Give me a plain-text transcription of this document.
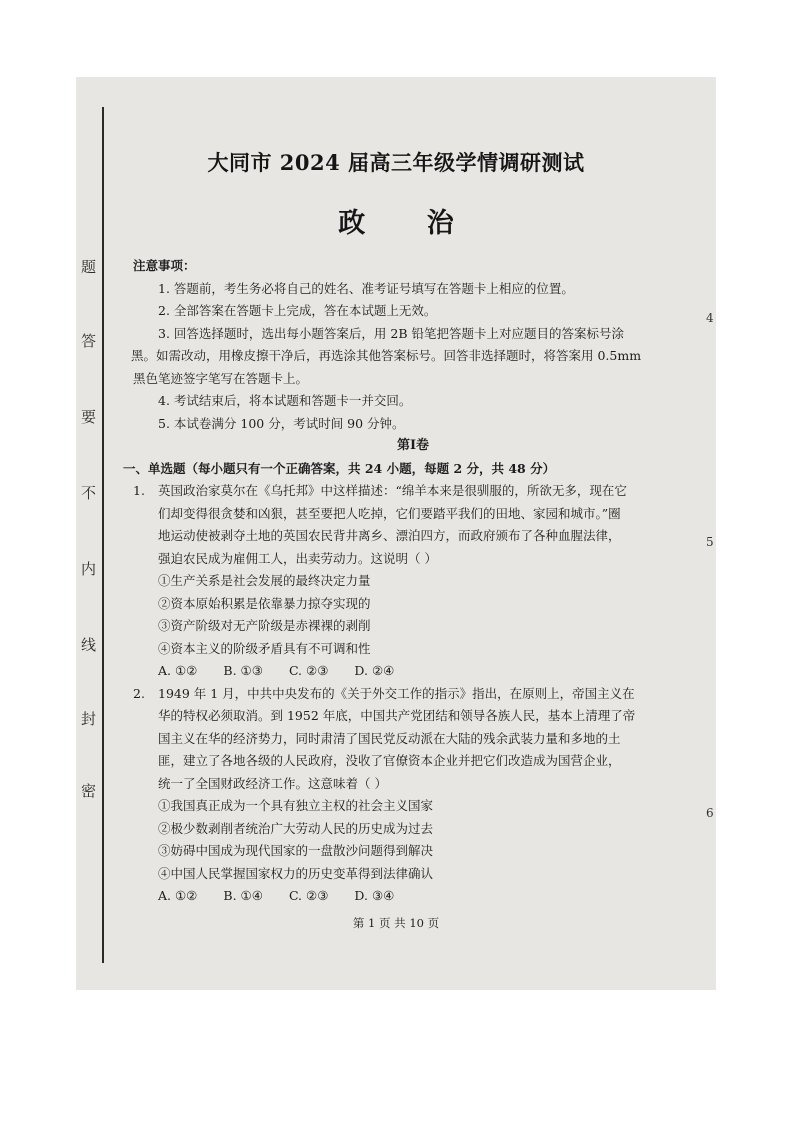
题
答
要
不
内
线
封
密
大同市 2024 届高三年级学情调研测试
政 治

注意事项：

1. 答题前，考生务必将自己的姓名、准考证号填写在答题卡上相应的位置。

2. 全部答案在答题卡上完成，答在本试题上无效。

3. 回答选择题时，选出每小题答案后，用 2B 铅笔把答题卡上对应题目的答案标号涂

黑。如需改动，用橡皮擦干净后，再选涂其他答案标号。回答非选择题时，将答案用 0.5mm

黑色笔迹签字笔写在答题卡上。

4. 考试结束后，将本试题和答题卡一并交回。

5. 本试卷满分 100 分，考试时间 90 分钟。

第Ⅰ卷

一、单选题（每小题只有一个正确答案，共 24 小题，每题 2 分，共 48 分）

1. 英国政治家莫尔在《乌托邦》中这样描述：“绵羊本来是很驯服的，所欲无多，现在它

们却变得很贪婪和凶狠，甚至要把人吃掉，它们要踏平我们的田地、家园和城市。”圈

地运动使被剥夺土地的英国农民背井离乡、漂泊四方，而政府颁布了各种血腥法律，

强迫农民成为雇佣工人，出卖劳动力。这说明（ ）

①生产关系是社会发展的最终决定力量

②资本原始积累是依靠暴力掠夺实现的

③资产阶级对无产阶级是赤裸裸的剥削

④资本主义的阶级矛盾具有不可调和性

A. ①② B. ①③ C. ②③ D. ②④

2. 1949 年 1 月，中共中央发布的《关于外交工作的指示》指出，在原则上，帝国主义在

华的特权必须取消。到 1952 年底，中国共产党团结和领导各族人民，基本上清理了帝

国主义在华的经济势力，同时肃清了国民党反动派在大陆的残余武装力量和多地的土

匪，建立了各地各级的人民政府，没收了官僚资本企业并把它们改造成为国营企业，

统一了全国财政经济工作。这意味着（ ）

①我国真正成为一个具有独立主权的社会主义国家

②极少数剥削者统治广大劳动人民的历史成为过去

③妨碍中国成为现代国家的一盘散沙问题得到解决

④中国人民掌握国家权力的历史变革得到法律确认

A. ①② B. ①④ C. ②③ D. ③④

第 1 页 共 10 页
4
5
6
